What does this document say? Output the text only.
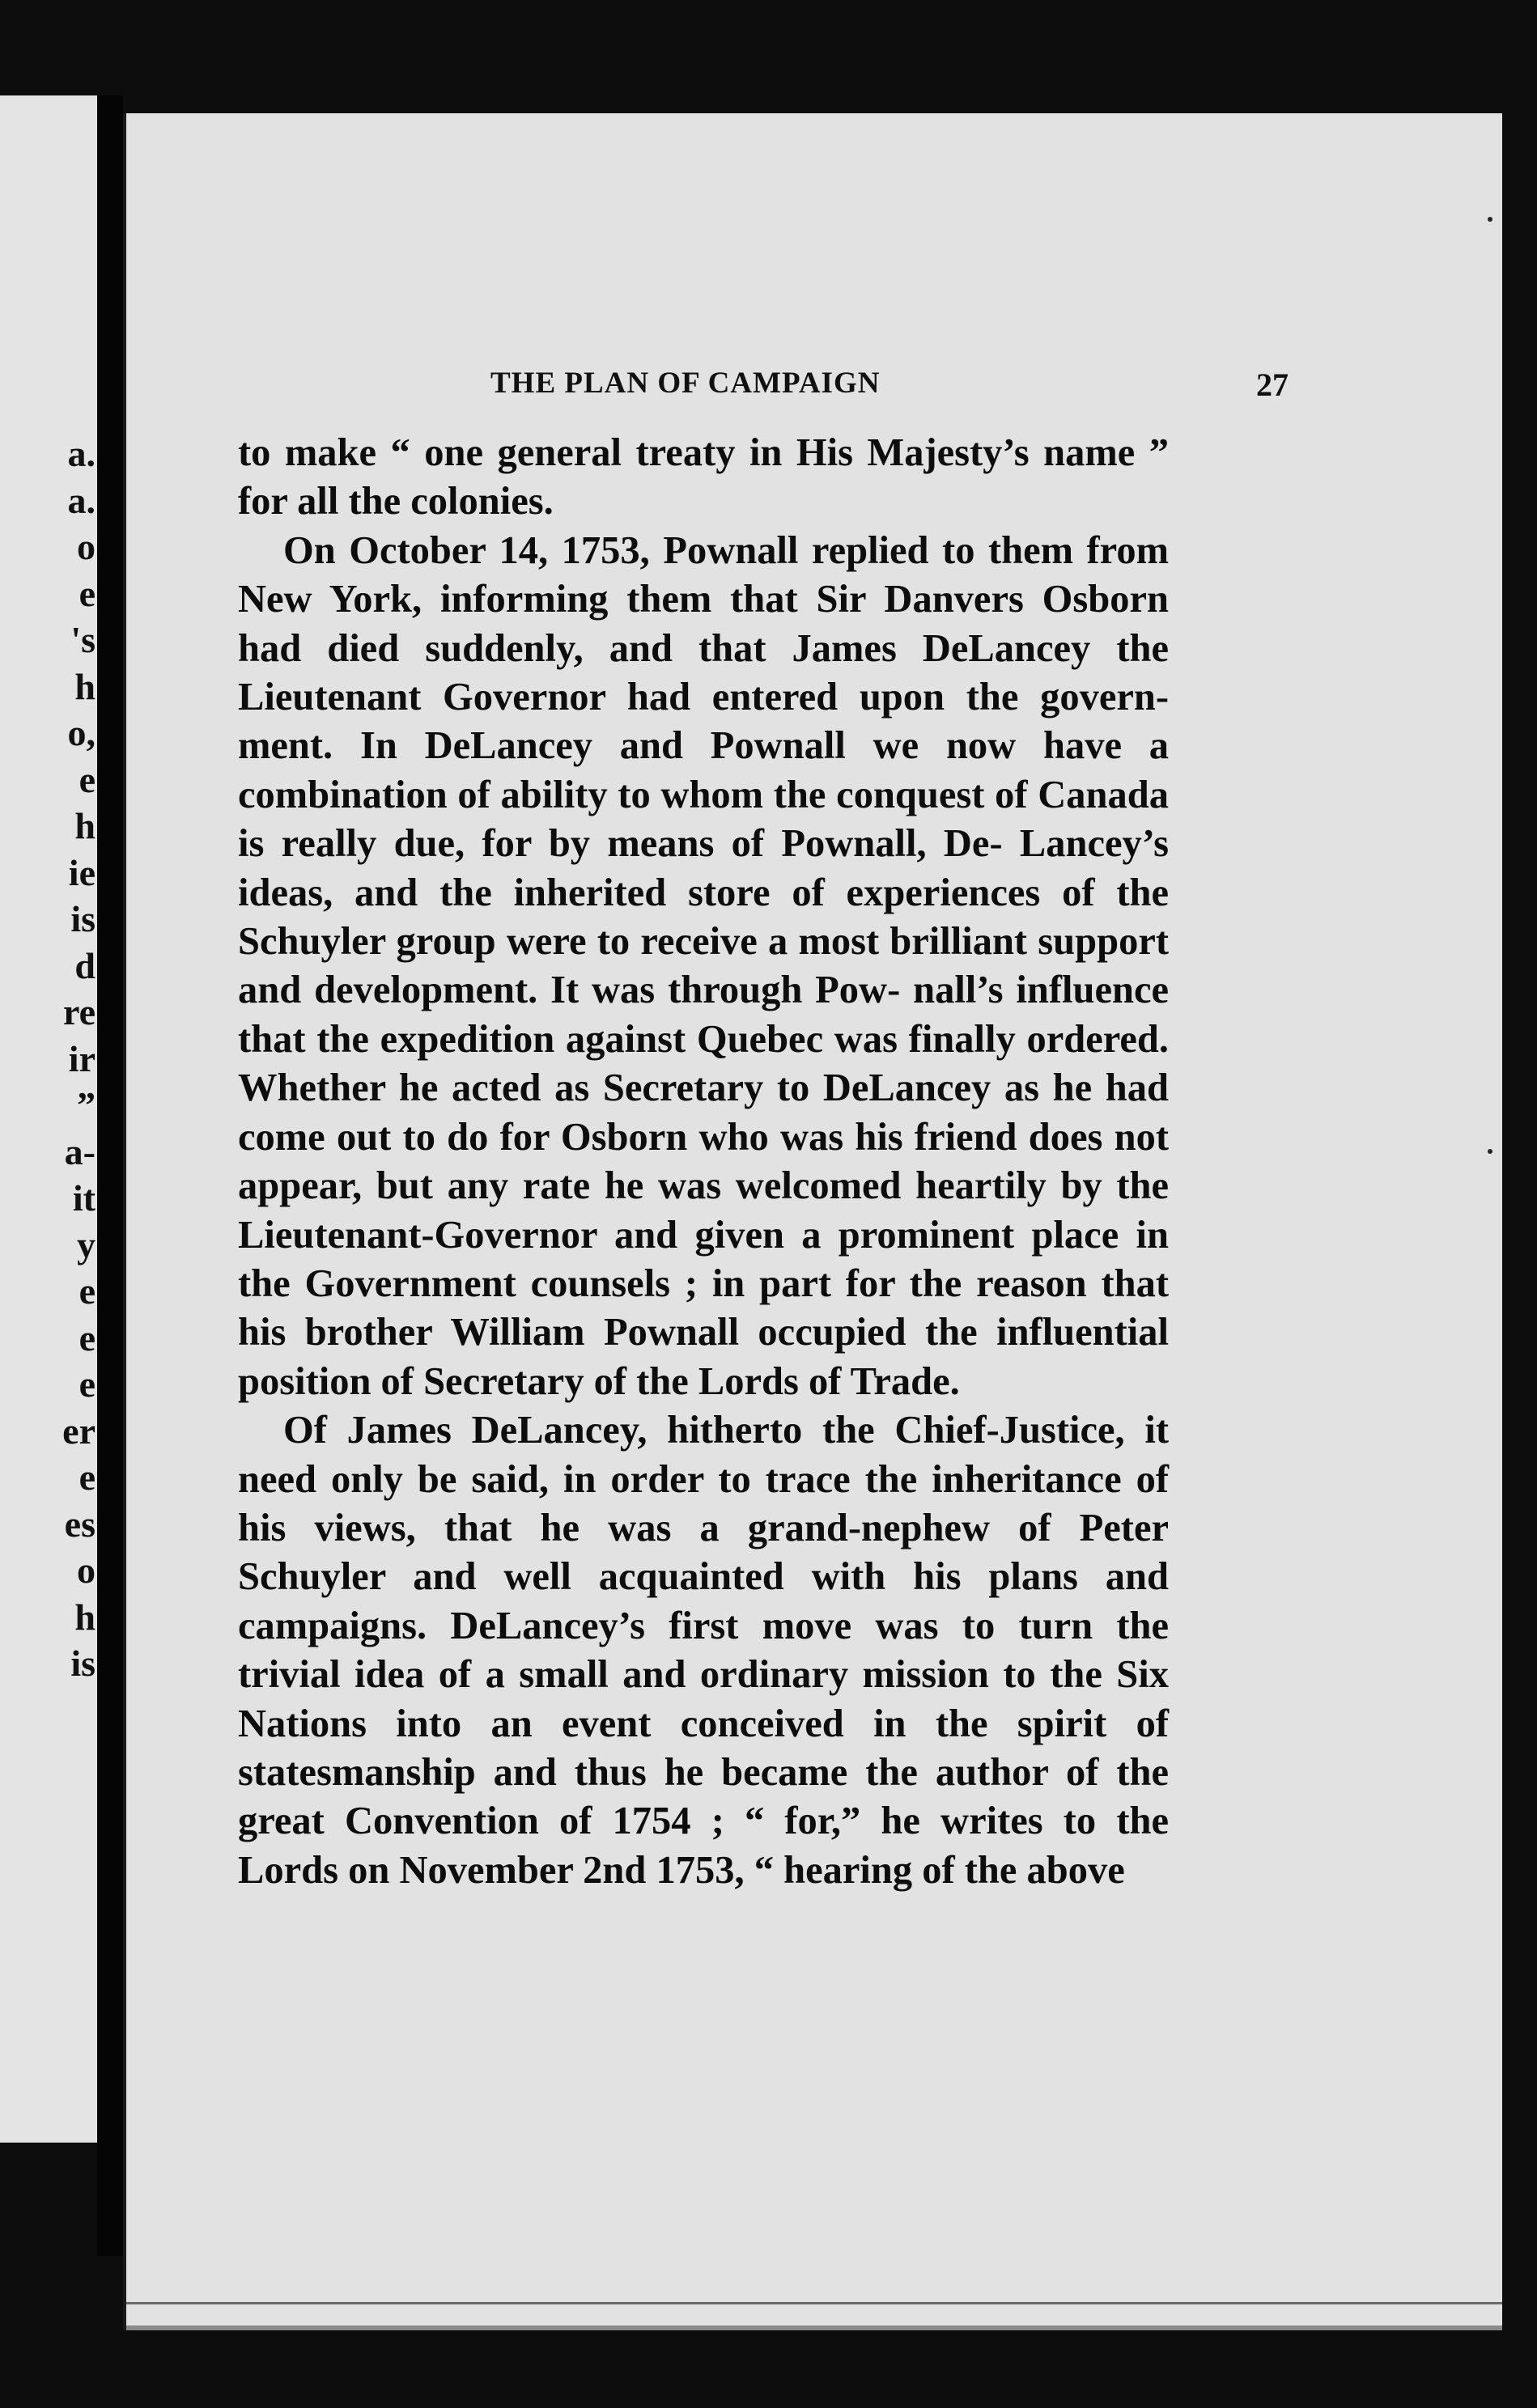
a.
a.
o
e
's
h
o,
e
h
ie
is
d
re
ir
”
a-
it
y
e
e
e
er
e
es
o
h
is
THE PLAN OF CAMPAIGN	27

to make “ one general treaty in His Majesty’s name ” for all the colonies.

On October 14, 1753, Pownall replied to them from New York, informing them that Sir Danvers Osborn had died suddenly, and that James DeLancey the Lieutenant Governor had entered upon the govern- ment. In DeLancey and Pownall we now have a combination of ability to whom the conquest of Canada is really due, for by means of Pownall, De- Lancey’s ideas, and the inherited store of experiences of the Schuyler group were to receive a most brilliant support and development. It was through Pow- nall’s influence that the expedition against Quebec was finally ordered. Whether he acted as Secretary to DeLancey as he had come out to do for Osborn who was his friend does not appear, but any rate he was welcomed heartily by the Lieutenant-Governor and given a prominent place in the Government counsels ; in part for the reason that his brother William Pownall occupied the influential position of Secretary of the Lords of Trade.

Of James DeLancey, hitherto the Chief-Justice, it need only be said, in order to trace the inheritance of his views, that he was a grand-nephew of Peter Schuyler and well acquainted with his plans and campaigns. DeLancey’s first move was to turn the trivial idea of a small and ordinary mission to the Six Nations into an event conceived in the spirit of statesmanship and thus he became the author of the great Convention of 1754 ; “ for,” he writes to the Lords on November 2nd 1753, “ hearing of the above
